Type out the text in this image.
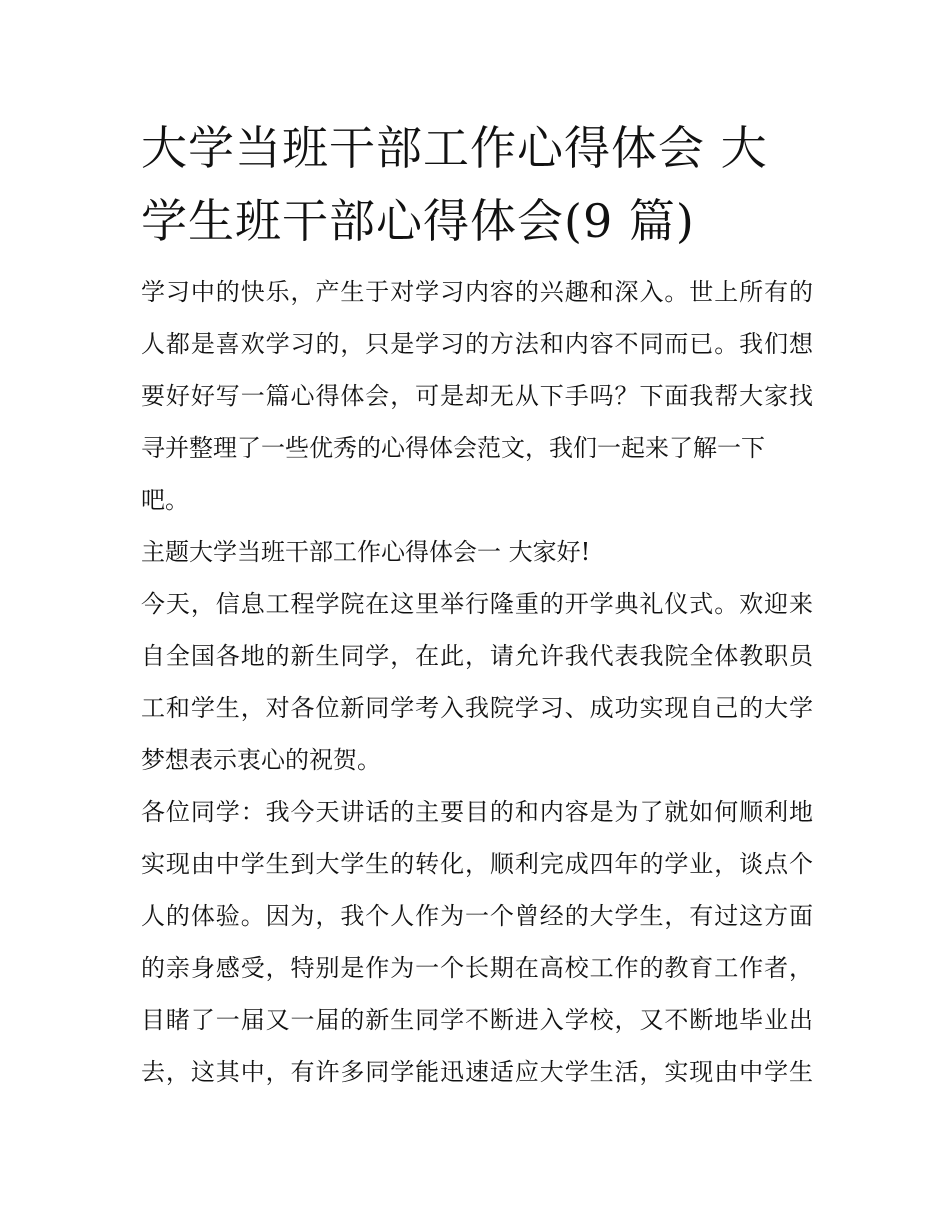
大学当班干部工作心得体会 大
学生班干部心得体会(9 篇)

学习中的快乐，产生于对学习内容的兴趣和深入。世上所有的
人都是喜欢学习的，只是学习的方法和内容不同而已。我们想
要好好写一篇心得体会，可是却无从下手吗？下面我帮大家找
寻并整理了一些优秀的心得体会范文，我们一起来了解一下
吧。

主题大学当班干部工作心得体会一 大家好!

今天，信息工程学院在这里举行隆重的开学典礼仪式。欢迎来
自全国各地的新生同学，在此，请允许我代表我院全体教职员
工和学生，对各位新同学考入我院学习、成功实现自己的大学
梦想表示衷心的祝贺。

各位同学：我今天讲话的主要目的和内容是为了就如何顺利地
实现由中学生到大学生的转化，顺利完成四年的学业，谈点个
人的体验。因为，我个人作为一个曾经的大学生，有过这方面
的亲身感受，特别是作为一个长期在高校工作的教育工作者，
目睹了一届又一届的新生同学不断进入学校，又不断地毕业出
去，这其中，有许多同学能迅速适应大学生活，实现由中学生
